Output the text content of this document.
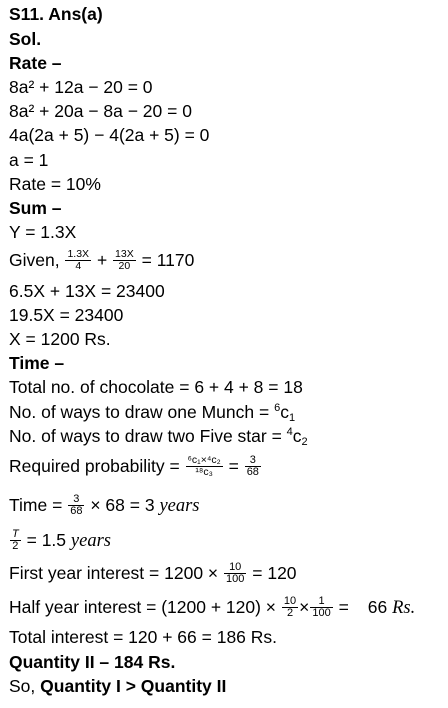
S11. Ans(a)
Sol.
Rate –
8a² + 12a − 20 = 0
8a² + 20a − 8a − 20 = 0
4a(2a + 5) − 4(2a + 5) = 0
a = 1
Rate = 10%
Sum –
Y = 1.3X
Given, $\frac{1.3X}{4} + \frac{13X}{20} = 1170$
6.5X + 13X = 23400
19.5X = 23400
X = 1200 Rs.
Time –
Total no. of chocolate = 6 + 4 + 8 = 18
No. of ways to draw one Munch = $^6$c1
No. of ways to draw two Five star = $^4$c2
Required probability = $\frac{\text{⁶c₁×⁴c₂}}{\text{¹⁸c₃}} = \frac{3}{68}$
Time = $\frac{3}{68} \times 68 = 3$ years
$\frac{T}{2} = 1.5$ years
First year interest = $1200 \times \frac{10}{100} = 120$
Half year interest = $(1200 + 120) \times \frac{10}{2} \times \frac{1}{100} = 66$ Rs.
Total interest = 120 + 66 = 186 Rs.
Quantity II – 184 Rs.
So, Quantity I > Quantity II
